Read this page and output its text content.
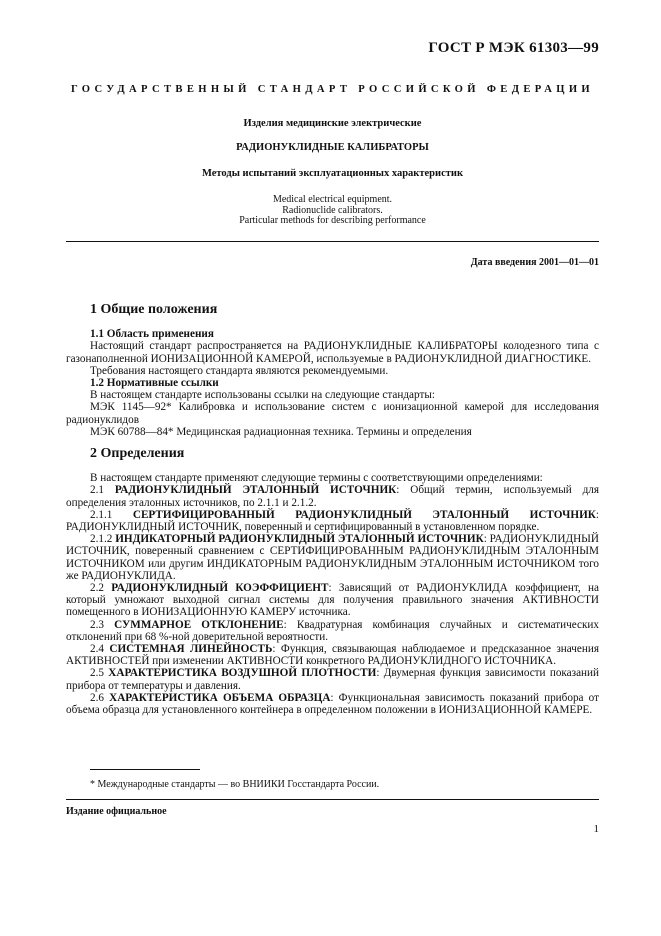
ГОСТ Р МЭК 61303—99
ГОСУДАРСТВЕННЫЙ СТАНДАРТ РОССИЙСКОЙ ФЕДЕРАЦИИ
Изделия медицинские электрические
РАДИОНУКЛИДНЫЕ КАЛИБРАТОРЫ
Методы испытаний эксплуатационных характеристик
Medical electrical equipment.
Radionuclide calibrators.
Particular methods for describing performance
Дата введения 2001—01—01

1 Общие положения

1.1 Область применения

Настоящий стандарт распространяется на РАДИОНУКЛИДНЫЕ КАЛИБРАТОРЫ колодезного типа с газонаполненной ИОНИЗАЦИОННОЙ КАМЕРОЙ, используемые в РАДИОНУКЛИДНОЙ ДИАГНОСТИКЕ.

Требования настоящего стандарта являются рекомендуемыми.

1.2 Нормативные ссылки

В настоящем стандарте использованы ссылки на следующие стандарты:

МЭК 1145—92* Калибровка и использование систем с ионизационной камерой для исследования радионуклидов

МЭК 60788—84* Медицинская радиационная техника. Термины и определения

2 Определения

В настоящем стандарте применяют следующие термины с соответствующими определениями:

2.1 РАДИОНУКЛИДНЫЙ ЭТАЛОННЫЙ ИСТОЧНИК: Общий термин, используемый для определения эталонных источников, по 2.1.1 и 2.1.2.

2.1.1 СЕРТИФИЦИРОВАННЫЙ РАДИОНУКЛИДНЫЙ ЭТАЛОННЫЙ ИСТОЧНИК: РАДИОНУКЛИДНЫЙ ИСТОЧНИК, поверенный и сертифицированный в установленном порядке.

2.1.2 ИНДИКАТОРНЫЙ РАДИОНУКЛИДНЫЙ ЭТАЛОННЫЙ ИСТОЧНИК: РАДИОНУКЛИДНЫЙ ИСТОЧНИК, поверенный сравнением с СЕРТИФИЦИРОВАННЫМ РАДИОНУКЛИДНЫМ ЭТАЛОННЫМ ИСТОЧНИКОМ или другим ИНДИКАТОРНЫМ РАДИОНУКЛИДНЫМ ЭТАЛОННЫМ ИСТОЧНИКОМ того же РАДИОНУКЛИДА.

2.2 РАДИОНУКЛИДНЫЙ КОЭФФИЦИЕНТ: Зависящий от РАДИОНУКЛИДА коэффициент, на который умножают выходной сигнал системы для получения правильного значения АКТИВНОСТИ помещенного в ИОНИЗАЦИОННУЮ КАМЕРУ источника.

2.3 СУММАРНОЕ ОТКЛОНЕНИЕ: Квадратурная комбинация случайных и систематических отклонений при 68 %-ной доверительной вероятности.

2.4 СИСТЕМНАЯ ЛИНЕЙНОСТЬ: Функция, связывающая наблюдаемое и предсказанное значения АКТИВНОСТЕЙ при изменении АКТИВНОСТИ конкретного РАДИОНУКЛИДНОГО ИСТОЧНИКА.

2.5 ХАРАКТЕРИСТИКА ВОЗДУШНОЙ ПЛОТНОСТИ: Двумерная функция зависимости показаний прибора от температуры и давления.

2.6 ХАРАКТЕРИСТИКА ОБЪЕМА ОБРАЗЦА: Функциональная зависимость показаний прибора от объема образца для установленного контейнера в определенном положении в ИОНИЗАЦИОННОЙ КАМЕРЕ.

* Международные стандарты — во ВНИИКИ Госстандарта России.
Издание официальное
1
